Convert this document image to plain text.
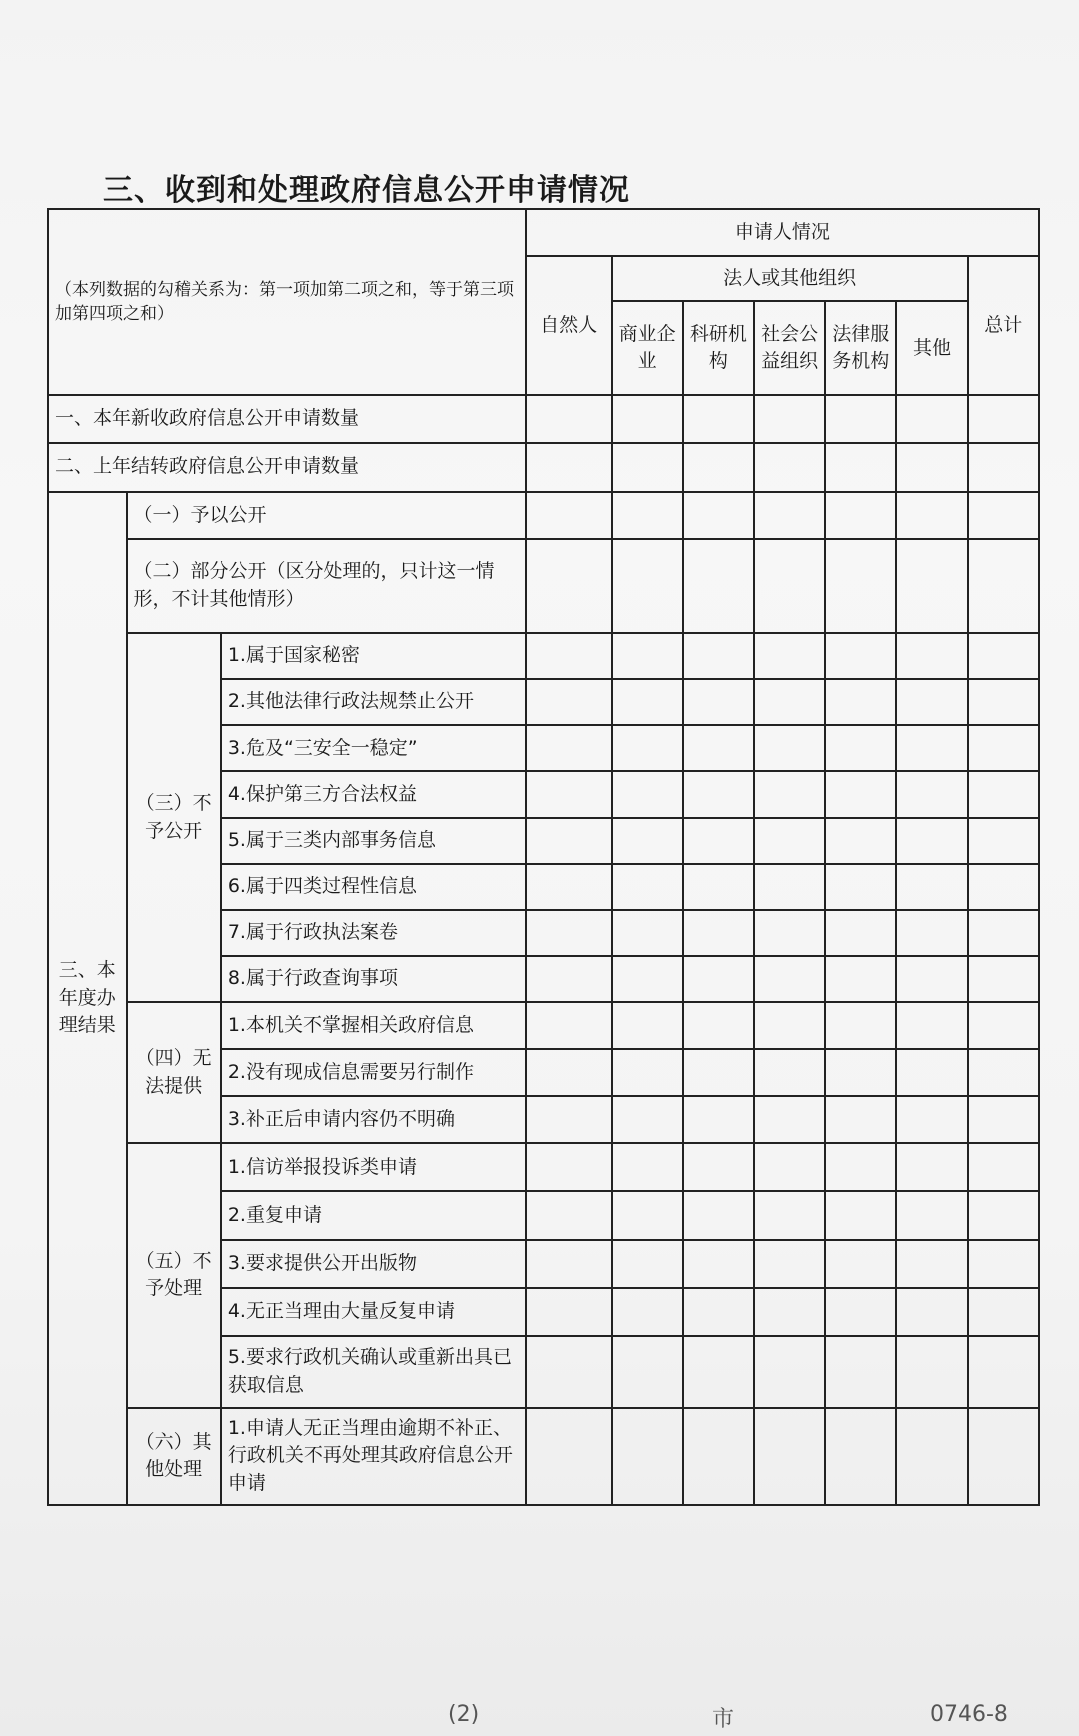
三、收到和处理政府信息公开申请情况
（本列数据的勾稽关系为：第一项加第二项之和，等于第三项加第四项之和）			申请人情况						
			自然人	法人或其他组织					总计
				商业企业	科研机构	社会公益组织	法律服务机构	其他	
一、本年新收政府信息公开申请数量									
二、上年结转政府信息公开申请数量									
三、本年度办理结果	（一）予以公开								
	（二）部分公开（区分处理的，只计这一情形，不计其他情形）								
	（三）不予公开	1.属于国家秘密							
		2.其他法律行政法规禁止公开							
		3.危及“三安全一稳定”							
		4.保护第三方合法权益							
		5.属于三类内部事务信息							
		6.属于四类过程性信息							
		7.属于行政执法案卷							
		8.属于行政查询事项							
	（四）无法提供	1.本机关不掌握相关政府信息							
		2.没有现成信息需要另行制作							
		3.补正后申请内容仍不明确							
	（五）不予处理	1.信访举报投诉类申请							
		2.重复申请							
		3.要求提供公开出版物							
		4.无正当理由大量反复申请							
		5.要求行政机关确认或重新出具已获取信息							
	（六）其他处理	1.申请人无正当理由逾期不补正、行政机关不再处理其政府信息公开申请							
(2)	市	0746-8
